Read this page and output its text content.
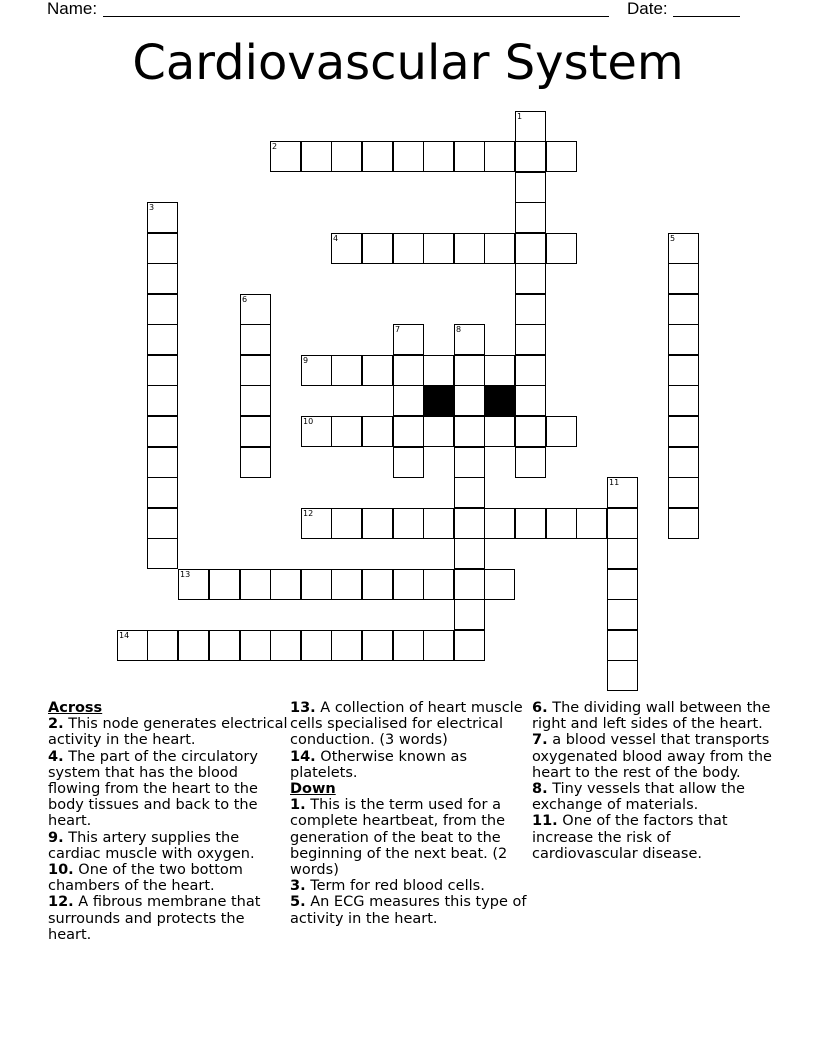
Name:	Date:
Cardiovascular System
1
2
3
4	5
6
7	8
9
10
11
12
13
14
Across
2. This node generates electrical activity in the heart.
4. The part of the circulatory system that has the blood flowing from the heart to the body tissues and back to the heart.
9. This artery supplies the cardiac muscle with oxygen.
10. One of the two bottom chambers of the heart.
12. A fibrous membrane that surrounds and protects the heart.
13. A collection of heart muscle cells specialised for electrical conduction. (3 words)
14. Otherwise known as platelets.
Down
1. This is the term used for a complete heartbeat, from the generation of the beat to the beginning of the next beat. (2 words)
3. Term for red blood cells.
5. An ECG measures this type of activity in the heart.
6. The dividing wall between the right and left sides of the heart.
7. a blood vessel that transports oxygenated blood away from the heart to the rest of the body.
8. Tiny vessels that allow the exchange of materials.
11. One of the factors that increase the risk of cardiovascular disease.
